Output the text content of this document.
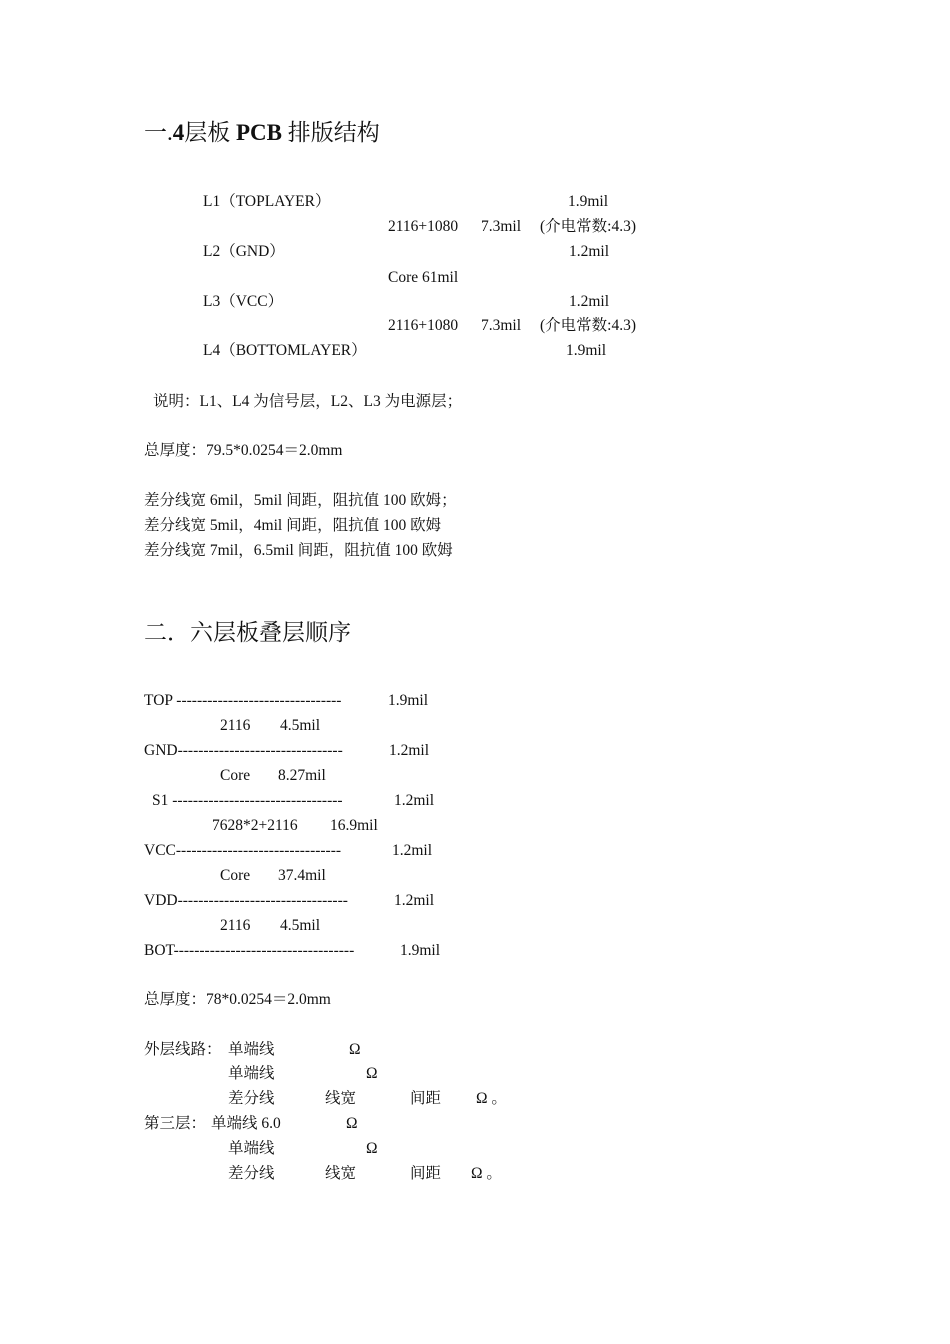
一.4层板 PCB 排版结构
L1（TOPLAYER）	1.9mil
2116+1080 7.3mil (介电常数:4.3)
L2（GND）	1.2mil
Core 61mil
L3（VCC）	1.2mil
2116+1080 7.3mil (介电常数:4.3)
L4（BOTTOMLAYER）	1.9mil
说明：L1、L4 为信号层，L2、L3 为电源层；
总厚度：79.5*0.0254＝2.0mm
差分线宽 6mil，5mil 间距，阻抗值 100 欧姆；
差分线宽 5mil，4mil 间距，阻抗值 100 欧姆
差分线宽 7mil，6.5mil 间距，阻抗值 100 欧姆
二．六层板叠层顺序
TOP --------------------------------	1.9mil
2116 4.5mil
GND--------------------------------	1.2mil
Core 8.27mil
S1 ---------------------------------	1.2mil
7628*2+2116 16.9mil
VCC--------------------------------	1.2mil
Core 37.4mil
VDD---------------------------------	1.2mil
2116 4.5mil
BOT-----------------------------------	1.9mil
总厚度：78*0.0254＝2.0mm
外层线路： 单端线	Ω
单端线	Ω
差分线	线宽	间距 Ω 。
第三层： 单端线 6.0	Ω
单端线	Ω
差分线	线宽	间距 Ω 。
